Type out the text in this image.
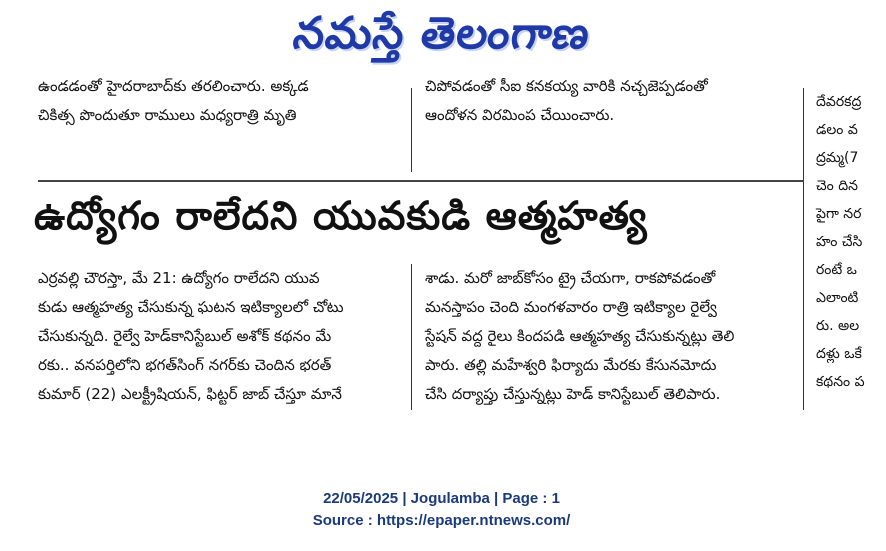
నమస్తే తెలంగాణ

ఉండడంతో హైదరాబాద్‌కు తరలించారు. అక్కడ

చికిత్స పొందుతూ రాములు మధ్యరాత్రి మృతి

చిపోవడంతో సీఐ కనకయ్య వారికి నచ్చజెప్పడంతో

ఆందోళన విరమింప చేయించారు.

దేవరకద్ర

డలం వ

ద్రమ్మ(7

చెం దిన

పైగా నర

హం చేసి

రంటే ఒ

ఎలాంటి

రు. అల

దళ్లు ఒకే

కథనం ప

ఉద్యోగం రాలేదని యువకుడి ఆత్మహత్య

ఎర్రవల్లి చౌరస్తా, మే 21: ఉద్యోగం రాలేదని యువ

కుడు ఆత్మహత్య చేసుకున్న ఘటన ఇటిక్యాలలో చోటు

చేసుకున్నది. రైల్వే హెడ్‌కానిస్టేబుల్ అశోక్ కథనం మే

రకు.. వనపర్తిలోని భగత్‌సింగ్ నగర్‌కు చెందిన భరత్

కుమార్ (22) ఎలక్ట్రీషియన్, ఫిట్టర్ జాబ్ చేస్తూ మానే

శాడు. మరో జాబ్‌కోసం ట్రై చేయగా, రాకపోవడంతో

మనస్తాపం చెంది మంగళవారం రాత్రి ఇటిక్యాల రైల్వే

స్టేషన్ వద్ద రైలు కిందపడి ఆత్మహత్య చేసుకున్నట్లు తెలి

పారు. తల్లి మహేశ్వరి ఫిర్యాదు మేరకు కేసునమోదు

చేసి దర్యాప్తు చేస్తున్నట్లు హెడ్ కానిస్టేబుల్ తెలిపారు.

22/05/2025 | Jogulamba | Page : 1
Source : https://epaper.ntnews.com/
